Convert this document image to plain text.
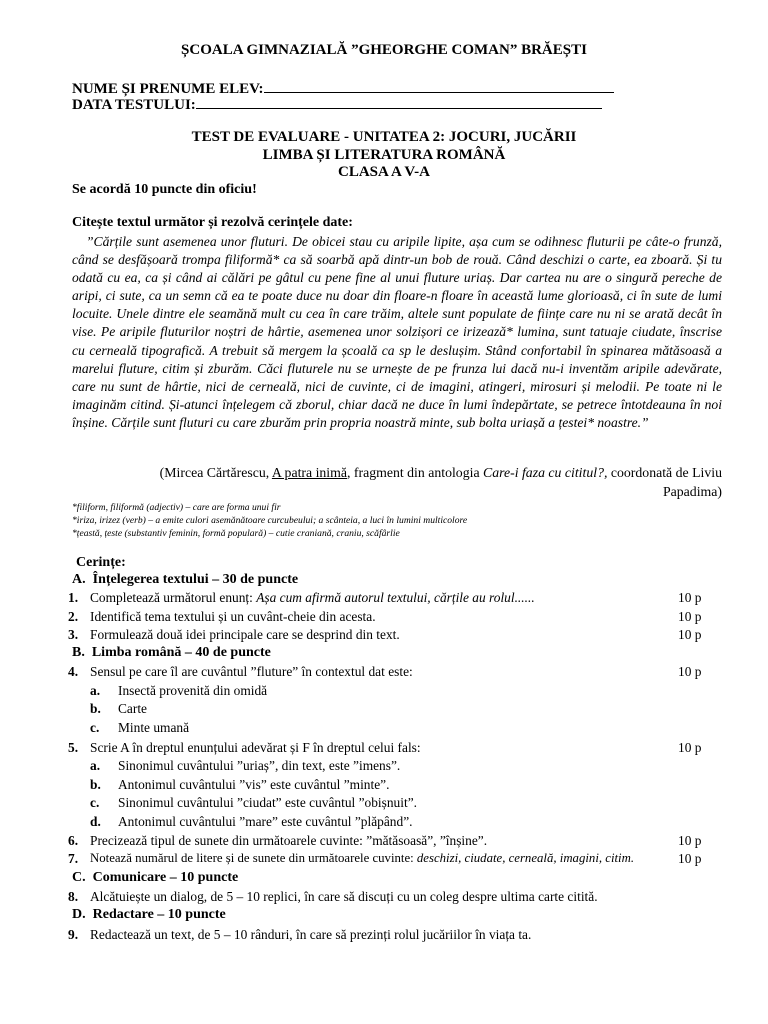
ȘCOALA GIMNAZIALĂ ”GHEORGHE COMAN” BRĂEȘTI
NUME ȘI PRENUME ELEV:
DATA TESTULUI:
TEST DE EVALUARE - UNITATEA 2: JOCURI, JUCĂRII
LIMBA ȘI LITERATURA ROMÂNĂ
CLASA A V-A
Se acordă 10 puncte din oficiu!
Citește textul următor și rezolvă cerințele date:
”Cărțile sunt asemenea unor fluturi. De obicei stau cu aripile lipite, așa cum se odihnesc fluturii pe câte-o frunză, când se desfășoară trompa filiformă* ca să soarbă apă dintr-un bob de rouă. Când deschizi o carte, ea zboară. Și tu odată cu ea, ca și când ai călări pe gâtul cu pene fine al unui fluture uriaș. Dar cartea nu are o singură pereche de aripi, ci sute, ca un semn că ea te poate duce nu doar din floare-n floare în această lume glorioasă, ci în sute de lumi locuite. Unele dintre ele seamănă mult cu cea în care trăim, altele sunt populate de ființe care nu ni se arată decât în vise. Pe aripile fluturilor noștri de hârtie, asemenea unor solzișori ce irizează* lumina, sunt tatuaje ciudate, înscrise cu cerneală tipografică. A trebuit să mergem la școală ca sp le deslușim. Stând confortabil în spinarea mătăsoasă a marelui fluture, citim și zburăm. Căci fluturele nu se urnește de pe frunza lui dacă nu-i inventăm aripile adevărate, care nu sunt de hârtie, nici de cerneală, nici de cuvinte, ci de imagini, atingeri, mirosuri și melodii. Pe toate ni le imaginăm citind. Și-atunci înțelegem că zborul, chiar dacă ne duce în lumi îndepărtate, se petrece întotdeauna în noi înșine. Cărțile sunt fluturi cu care zburăm prin propria noastră minte, sub bolta uriașă a țestei* noastre.”
(Mircea Cărtărescu, A patra inimă, fragment din antologia Care-i faza cu cititul?, coordonată de Liviu
Papadima)
*filiform, filiformă (adjectiv) – care are forma unui fir
*iriza, irizez (verb) – a emite culori asemănătoare curcubeului; a scânteia, a luci în lumini multicolore
*țeastă, țeste (substantiv feminin, formă populară) – cutie craniană, craniu, scăfârlie
Cerințe:
A. Înțelegerea textului – 30 de puncte
1. Completează următorul enunț: Așa cum afirmă autorul textului, cărțile au rolul......	10 p
2. Identifică tema textului și un cuvânt-cheie din acesta.	10 p
3. Formulează două idei principale care se desprind din text.	10 p
B. Limba română – 40 de puncte
4. Sensul pe care îl are cuvântul ”fluture” în contextul dat este:	10 p
a. Insectă provenită din omidă
b. Carte
c. Minte umană
5. Scrie A în dreptul enunțului adevărat și F în dreptul celui fals:	10 p
a. Sinonimul cuvântului ”uriaș”, din text, este ”imens”.
b. Antonimul cuvântului ”vis” este cuvântul ”minte”.
c. Sinonimul cuvântului ”ciudat” este cuvântul ”obișnuit”.
d. Antonimul cuvântului ”mare” este cuvântul ”plăpând”.
6. Precizează tipul de sunete din următoarele cuvinte: ”mătăsoasă”, ”înșine”.	10 p
7. Notează numărul de litere și de sunete din următoarele cuvinte: deschizi, ciudate, cerneală, imagini, citim.	10 p
C. Comunicare – 10 puncte
8. Alcătuiește un dialog, de 5 – 10 replici, în care să discuți cu un coleg despre ultima carte citită.
D. Redactare – 10 puncte
9. Redactează un text, de 5 – 10 rânduri, în care să prezinți rolul jucăriilor în viața ta.
